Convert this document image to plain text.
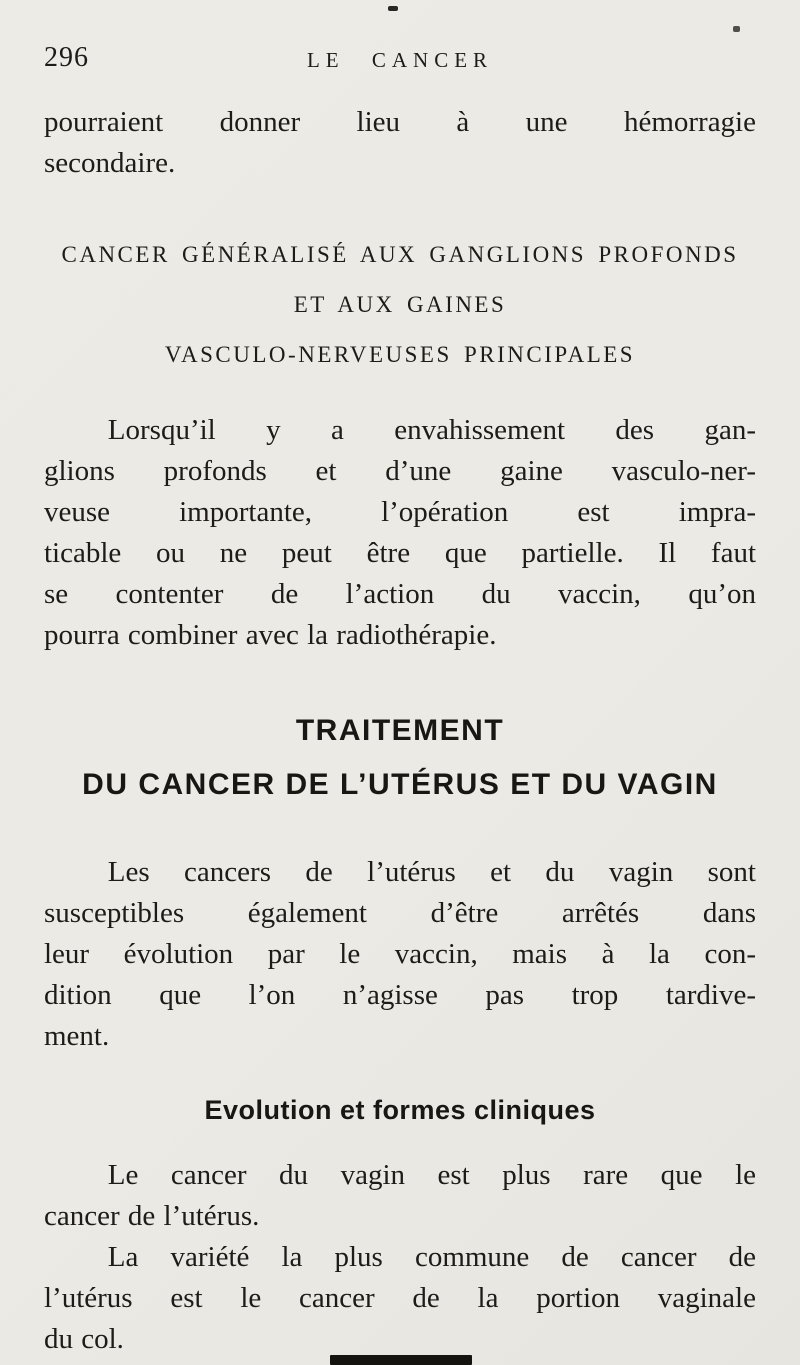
296	LE CANCER
pourraient donner lieu à une hémorragie
secondaire.
CANCER GÉNÉRALISÉ AUX GANGLIONS PROFONDS
ET AUX GAINES
VASCULO-NERVEUSES PRINCIPALES
Lorsqu’il y a envahissement des gan-
glions profonds et d’une gaine vasculo-ner-
veuse importante, l’opération est impra-
ticable ou ne peut être que partielle. Il faut
se contenter de l’action du vaccin, qu’on
pourra combiner avec la radiothérapie.
TRAITEMENT
DU CANCER DE L’UTÉRUS ET DU VAGIN
Les cancers de l’utérus et du vagin sont
susceptibles également d’être arrêtés dans
leur évolution par le vaccin, mais à la con-
dition que l’on n’agisse pas trop tardive-
ment.
Evolution et formes cliniques
Le cancer du vagin est plus rare que le
cancer de l’utérus.
La variété la plus commune de cancer de
l’utérus est le cancer de la portion vaginale
du col.
